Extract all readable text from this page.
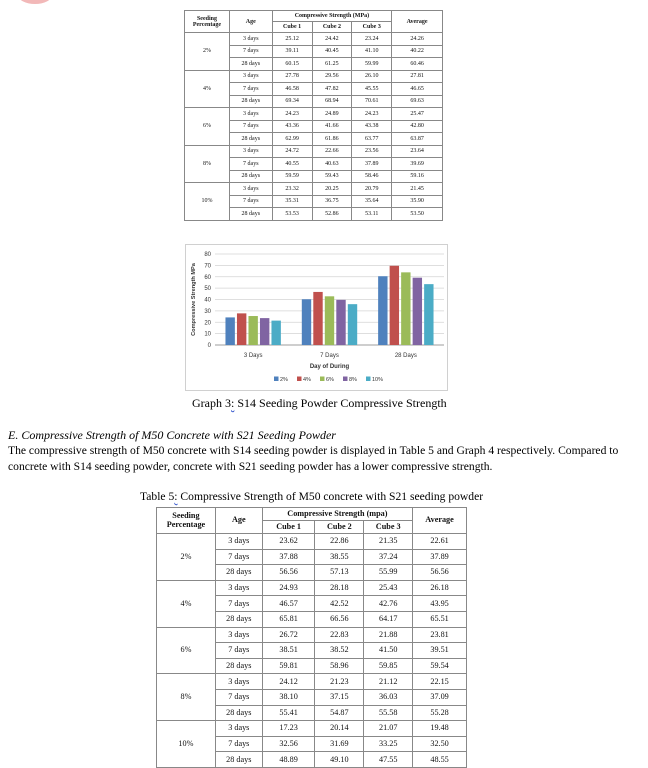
Seeding
Percentage	Age	Compressive Strength (MPa)			Average
		Cube 1	Cube 2	Cube 3	
2%	3 days	25.12	24.42	23.24	24.26
	7 days	39.11	40.45	41.10	40.22
	28 days	60.15	61.25	59.99	60.46
4%	3 days	27.78	29.56	26.10	27.81
	7 days	46.58	47.82	45.55	46.65
	28 days	69.34	68.94	70.61	69.63
6%	3 days	24.23	24.89	24.23	25.47
	7 days	43.36	41.66	43.38	42.80
	28 days	62.99	61.86	63.77	63.87
8%	3 days	24.72	22.66	23.56	23.64
	7 days	40.55	40.63	37.89	39.69
	28 days	59.59	59.43	58.46	59.16
10%	3 days	23.32	20.25	20.79	21.45
	7 days	35.31	36.75	35.64	35.90
	28 days	53.53	52.86	53.11	53.50
0
10
20
30
40
50
60
70
80
3 Days	7 Days	28 Days
Day of During
Compressive Strength MPa
2%	4%	6%	8%	10%
Graph 3: S14 Seeding Powder Compressive Strength
E. Compressive Strength of M50 Concrete with S21 Seeding Powder
The compressive strength of M50 concrete with S14 seeding powder is displayed in Table 5 and Graph 4 respectively. Compared to concrete with S14 seeding powder, concrete with S21 seeding powder has a lower compressive strength.
Table 5: Compressive Strength of M50 concrete with S21 seeding powder
Seeding
Percentage	Age	Compressive Strength (mpa)			Average
		Cube 1	Cube 2	Cube 3	
2%	3 days	23.62	22.86	21.35	22.61
	7 days	37.88	38.55	37.24	37.89
	28 days	56.56	57.13	55.99	56.56
4%	3 days	24.93	28.18	25.43	26.18
	7 days	46.57	42.52	42.76	43.95
	28 days	65.81	66.56	64.17	65.51
6%	3 days	26.72	22.83	21.88	23.81
	7 days	38.51	38.52	41.50	39.51
	28 days	59.81	58.96	59.85	59.54
8%	3 days	24.12	21.23	21.12	22.15
	7 days	38.10	37.15	36.03	37.09
	28 days	55.41	54.87	55.58	55.28
10%	3 days	17.23	20.14	21.07	19.48
	7 days	32.56	31.69	33.25	32.50
	28 days	48.89	49.10	47.55	48.55
